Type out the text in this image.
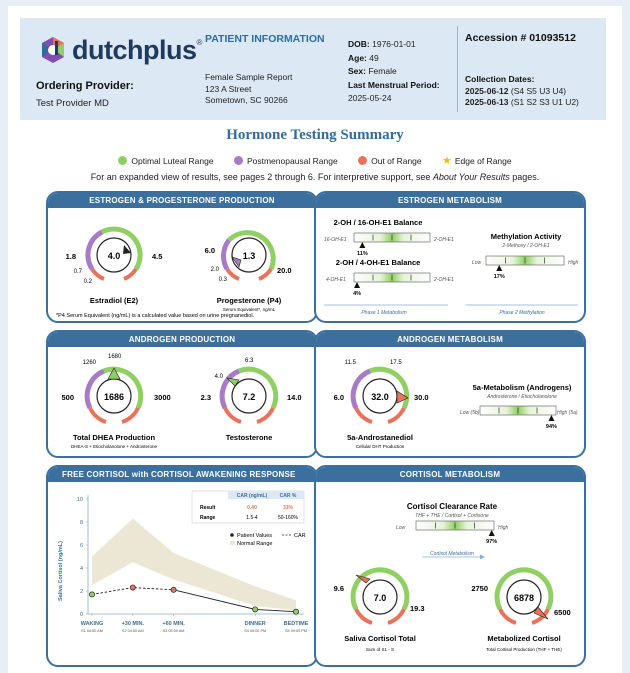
dutchplus ®
Ordering Provider:
Test Provider MD
PATIENT INFORMATION
Female Sample Report
123 A Street
Sometown, SC 90266
DOB: 1976-01-01
Age: 49
Sex: Female
Last Menstrual Period:
2025-05-24
Accession # 01093512
Collection Dates:
2025-06-12 (S4 S5 U3 U4)
2025-06-13 (S1 S2 S3 U1 U2)
Hormone Testing Summary
Optimal Luteal Range	Postmenopausal Range	Out of Range ★ Edge of Range
For an expanded view of results, see pages 2 through 6. For interpretive support, see About Your Results pages.
ESTROGEN & PROGESTERONE PRODUCTION
4.0
1.8	4.5
0.7
0.2
Estradiol (E2)
1.3
6.0
20.0
2.0
0.3
Progesterone (P4)
Serum Equivalent*, ng/mL
*P4 Serum Equivalent (ng/mL) is a calculated value based on urine pregnanediol.
ESTROGEN METABOLISM
2-OH / 16-OH-E1 Balance
16-OH-E1	2-OH-E1
11%
2-OH / 4-OH-E1 Balance
4-OH-E1	2-OH-E1
4%
Methylation Activity
2-Methoxy / 2-OH-E1
Low	High
17%
Phase 1 Metabolism	Phase 2 Methylation
ANDROGEN PRODUCTION
1686
500	3000
1260
1680
Total DHEA Production
DHEA-S + Etiocholanolone + Androsterone
7.2
2.3	14.0
4.0
6.3
Testosterone
ANDROGEN METABOLISM
32.0
6.0	30.0
11.5	17.5
5a-Androstanediol
Cellular DHT Production
5a-Metabolism (Androgens)
Androsterone / Etiocholanolone
Low (5b)	High (5a)
94%
FREE CORTISOL with CORTISOL AWAKENING RESPONSE (CAR)
Saliva Cortisol (ng/mL)
CAR (ng/mL) CAR %
Result	0.40	33%
Range	1.5-4	50-160%
Patient Values	CAR
Normal Range
0
2
4
6
8
10
WAKING
S1 04:50 AM
+30 MIN.
S2 04:50 AM
+60 MIN.
S3 05:00 AM
DINNER
S4 05:00 PM
BEDTIME
S5 09:00 PM
CORTISOL METABOLISM
Cortisol Clearance Rate
THF + THE / Cortisol + Cortisone
Low	High
97%
Cortisol Metabolism
7.0
9.6
19.3
Saliva Cortisol Total
Sum of S1 - S
6878
2750
6500
Metabolized Cortisol
Total Cortisol Production (THF + THE)
